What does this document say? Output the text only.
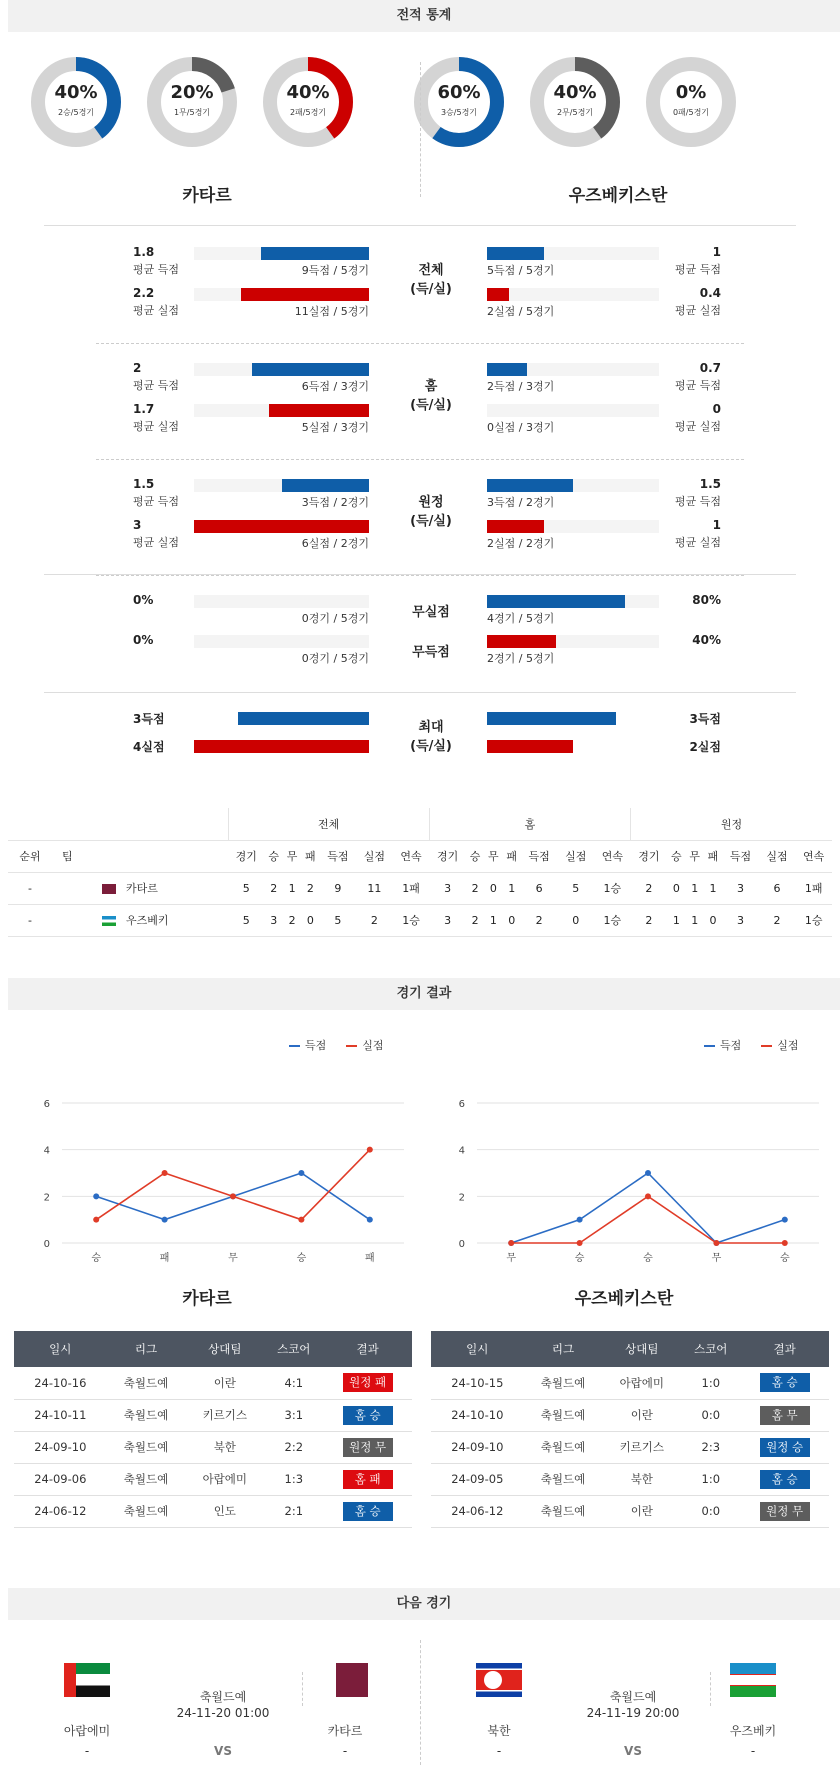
전적 통계
40%
2승/5경기
20%
1무/5경기
40%
2패/5경기
60%
3승/5경기
40%
2무/5경기
0%
0패/5경기
카타르	우즈베키스탄
1.8
평균 득점	9득점 / 5경기	5득점 / 5경기
1
평균 득점
2.2
평균 실점	11실점 / 5경기	2실점 / 5경기
0.4
평균 실점
전체
(득/실)
2
평균 득점	6득점 / 3경기	2득점 / 3경기
0.7
평균 득점
1.7
평균 실점	5실점 / 3경기	0실점 / 3경기
0
평균 실점
홈
(득/실)
1.5
평균 득점	3득점 / 2경기	3득점 / 2경기
1.5
평균 득점
3
평균 실점	6실점 / 2경기	2실점 / 2경기
1
평균 실점
원정
(득/실)
0%
0경기 / 5경기	4경기 / 5경기
80%
무실점
0%
0경기 / 5경기	2경기 / 5경기
40%
무득점
3득점	3득점
4실점	2실점
최대
(득/실)
		전체							홈							원정						
순위	팀	경기	승	무	패	득점	실점	연속	경기	승	무	패	득점	실점	연속	경기	승	무	패	득점	실점	연속
-	카타르	5	2	1	2	9	11	1패	3	2	0	1	6	5	1승	2	0	1	1	3	6	1패
-	우즈베키	5	3	2	0	5	2	1승	3	2	1	0	2	0	1승	2	1	1	0	3	2	1승
경기 결과
득점	실점
6
4
2
0
승	패	무	승	패
득점	실점
6
4
2
0
무	승	승	무	승
카타르	우즈베키스탄
일시	리그	상대팀	스코어	결과
24-10-16	축월드예	이란	4:1	원정 패
24-10-11	축월드예	키르기스	3:1	홈 승
24-09-10	축월드예	북한	2:2	원정 무
24-09-06	축월드예	아랍에미	1:3	홈 패
24-06-12	축월드예	인도	2:1	홈 승
일시	리그	상대팀	스코어	결과
24-10-15	축월드예	아랍에미	1:0	홈 승
24-10-10	축월드예	이란	0:0	홈 무
24-09-10	축월드예	키르기스	2:3	원정 승
24-09-05	축월드예	북한	1:0	홈 승
24-06-12	축월드예	이란	0:0	원정 무
다음 경기
아랍에미
-
카타르
-
축월드예
24-11-20 01:00
VS
북한
-
우즈베키
-
축월드예
24-11-19 20:00
VS
